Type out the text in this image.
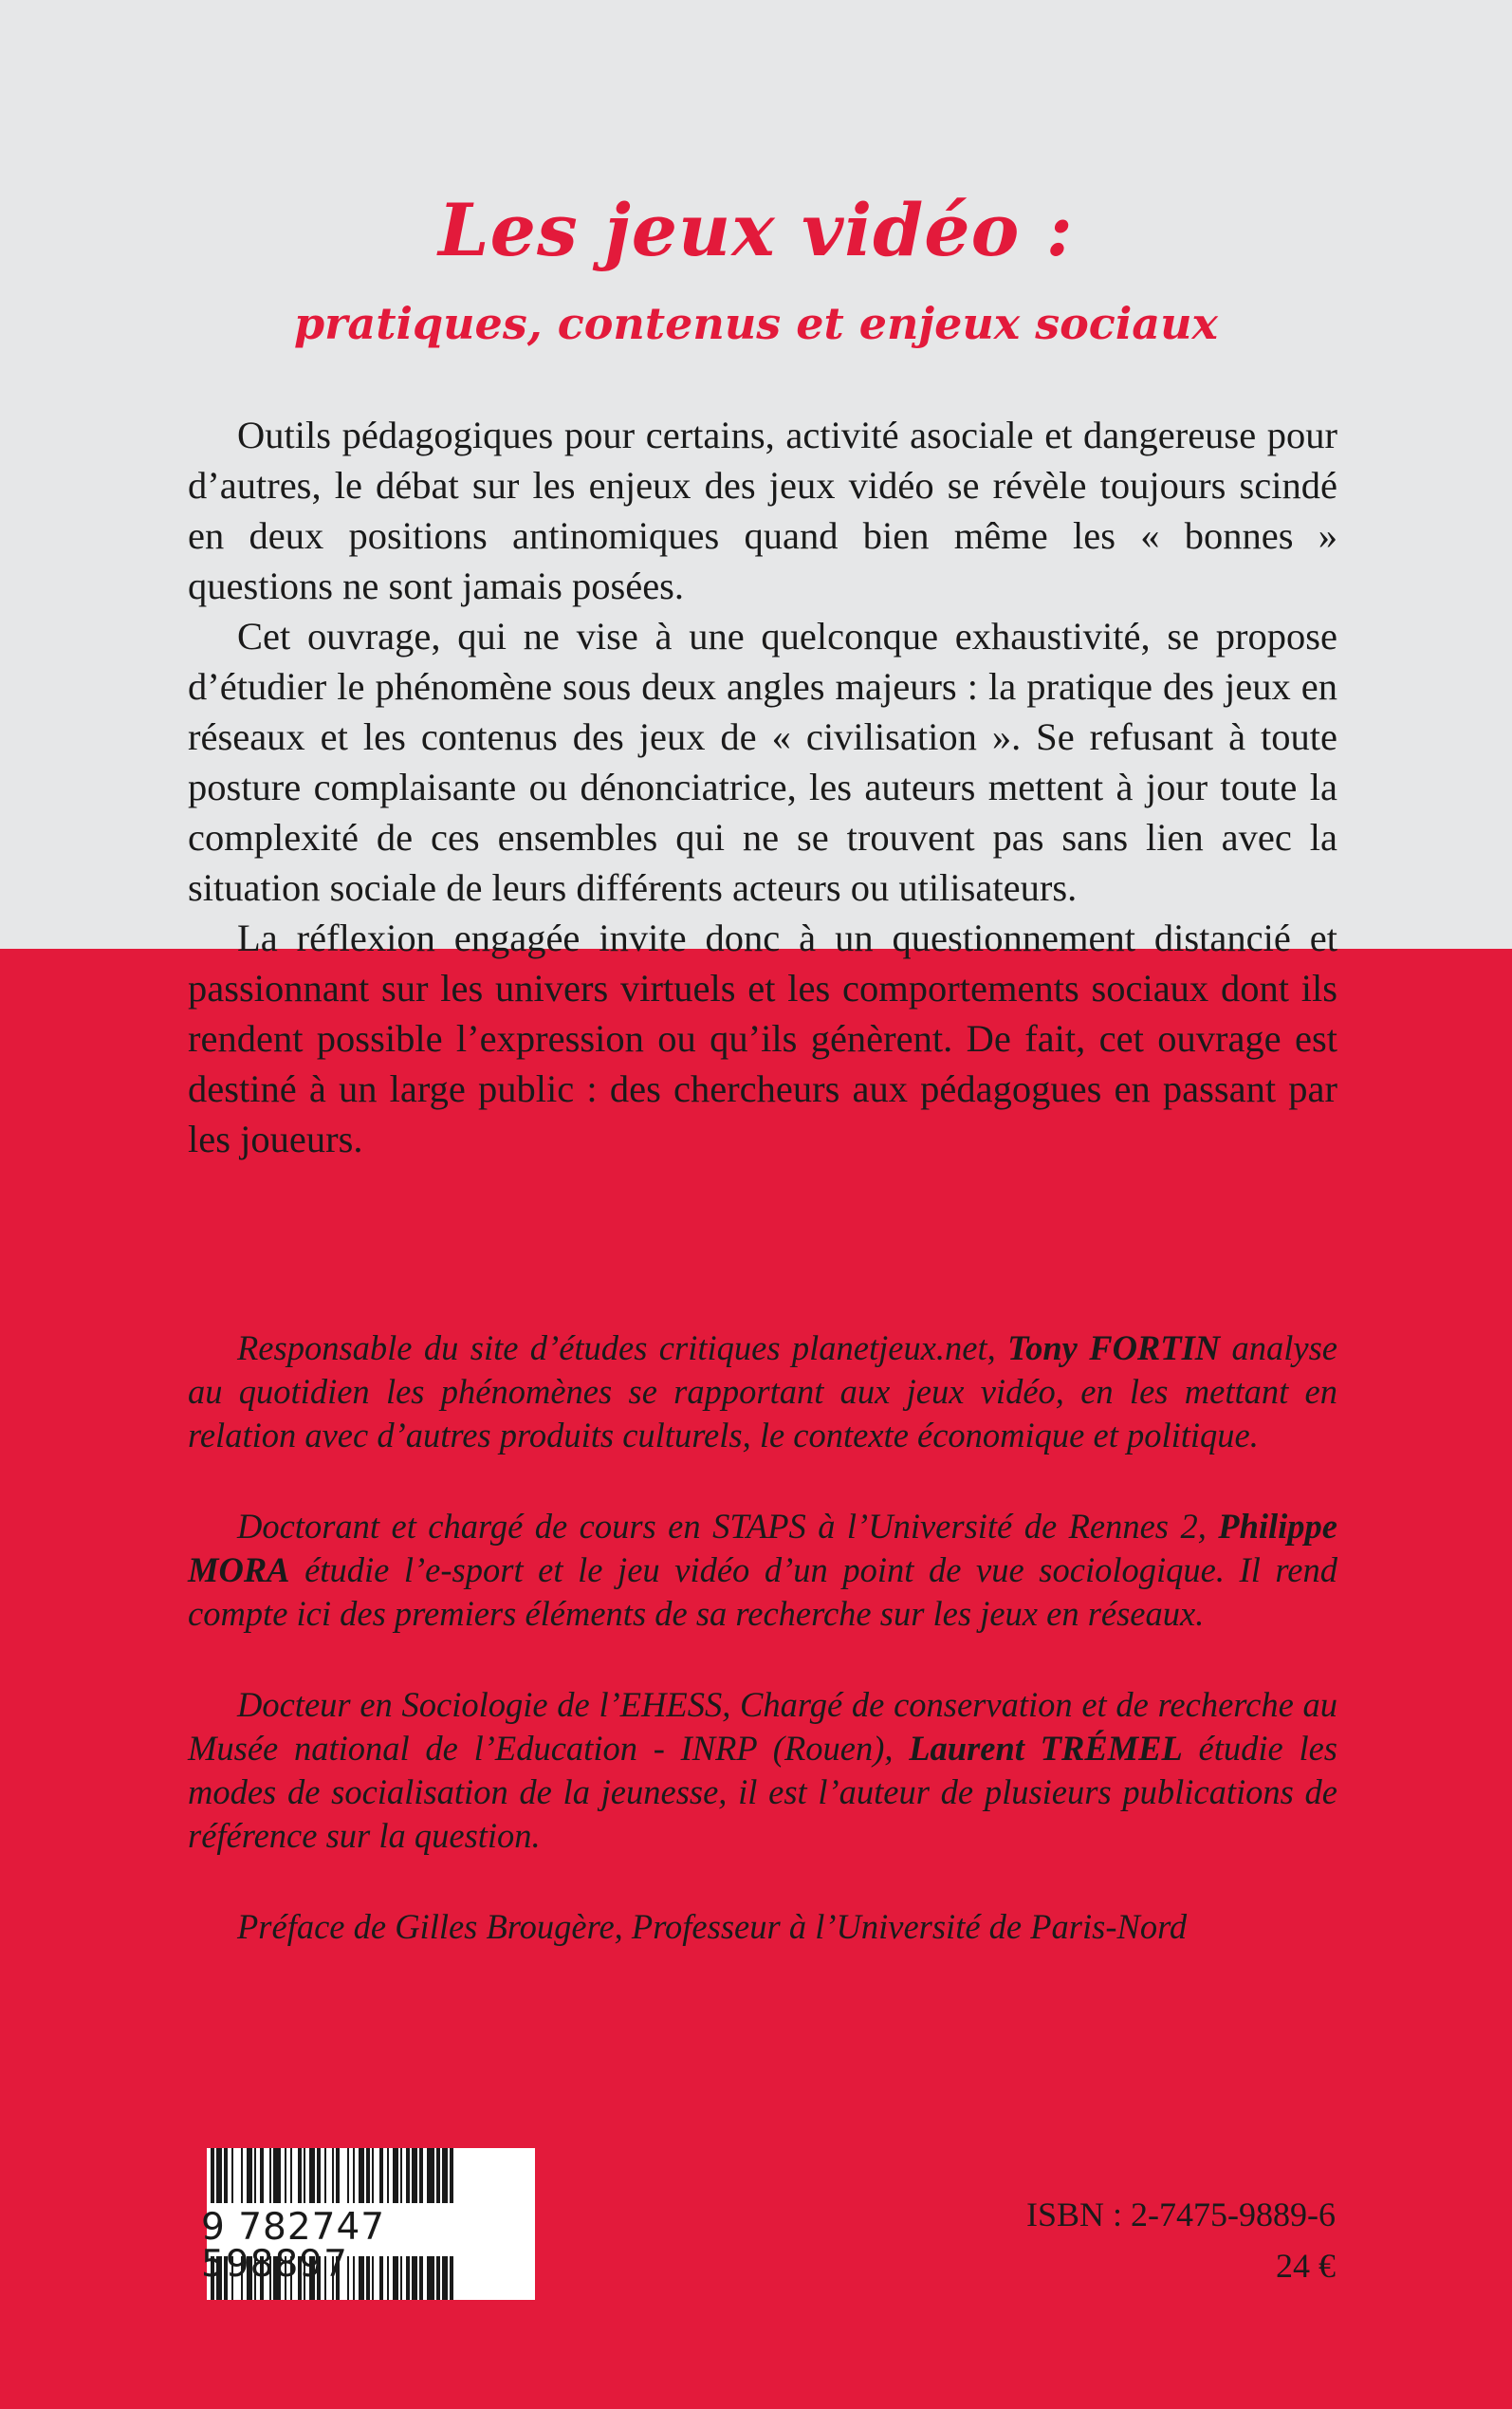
Les jeux vidéo :
pratiques, contenus et enjeux sociaux

Outils pédagogiques pour certains, activité asociale et dangereuse pour d’autres, le débat sur les enjeux des jeux vidéo se révèle toujours scindé en deux positions antinomiques quand bien même les « bonnes » questions ne sont jamais posées.

Cet ouvrage, qui ne vise à une quelconque exhaustivité, se propose d’étudier le phénomène sous deux angles majeurs : la pratique des jeux en réseaux et les contenus des jeux de « civilisation ». Se refusant à toute posture complaisante ou dénonciatrice, les auteurs mettent à jour toute la complexité de ces ensembles qui ne se trouvent pas sans lien avec la situation sociale de leurs différents acteurs ou utilisateurs.

La réflexion engagée invite donc à un questionnement distancié et passionnant sur les univers virtuels et les comportements sociaux dont ils rendent possible l’expression ou qu’ils génèrent. De fait, cet ouvrage est destiné à un large public : des chercheurs aux pédagogues en passant par les joueurs.

Responsable du site d’études critiques planetjeux.net, Tony FORTIN analyse au quotidien les phénomènes se rapportant aux jeux vidéo, en les mettant en relation avec d’autres produits culturels, le contexte économique et politique.

Doctorant et chargé de cours en STAPS à l’Université de Rennes 2, Philippe MORA étudie l’e-sport et le jeu vidéo d’un point de vue sociologique. Il rend compte ici des premiers éléments de sa recherche sur les jeux en réseaux.

Docteur en Sociologie de l’EHESS, Chargé de conservation et de recherche au Musée national de l’Education - INRP (Rouen), Laurent TRÉMEL étudie les modes de socialisation de la jeunesse, il est l’auteur de plusieurs publications de référence sur la question.

Préface de Gilles Brougère, Professeur à l’Université de Paris-Nord

9 782747 598897
ISBN : 2-7475-9889-6
24 €
